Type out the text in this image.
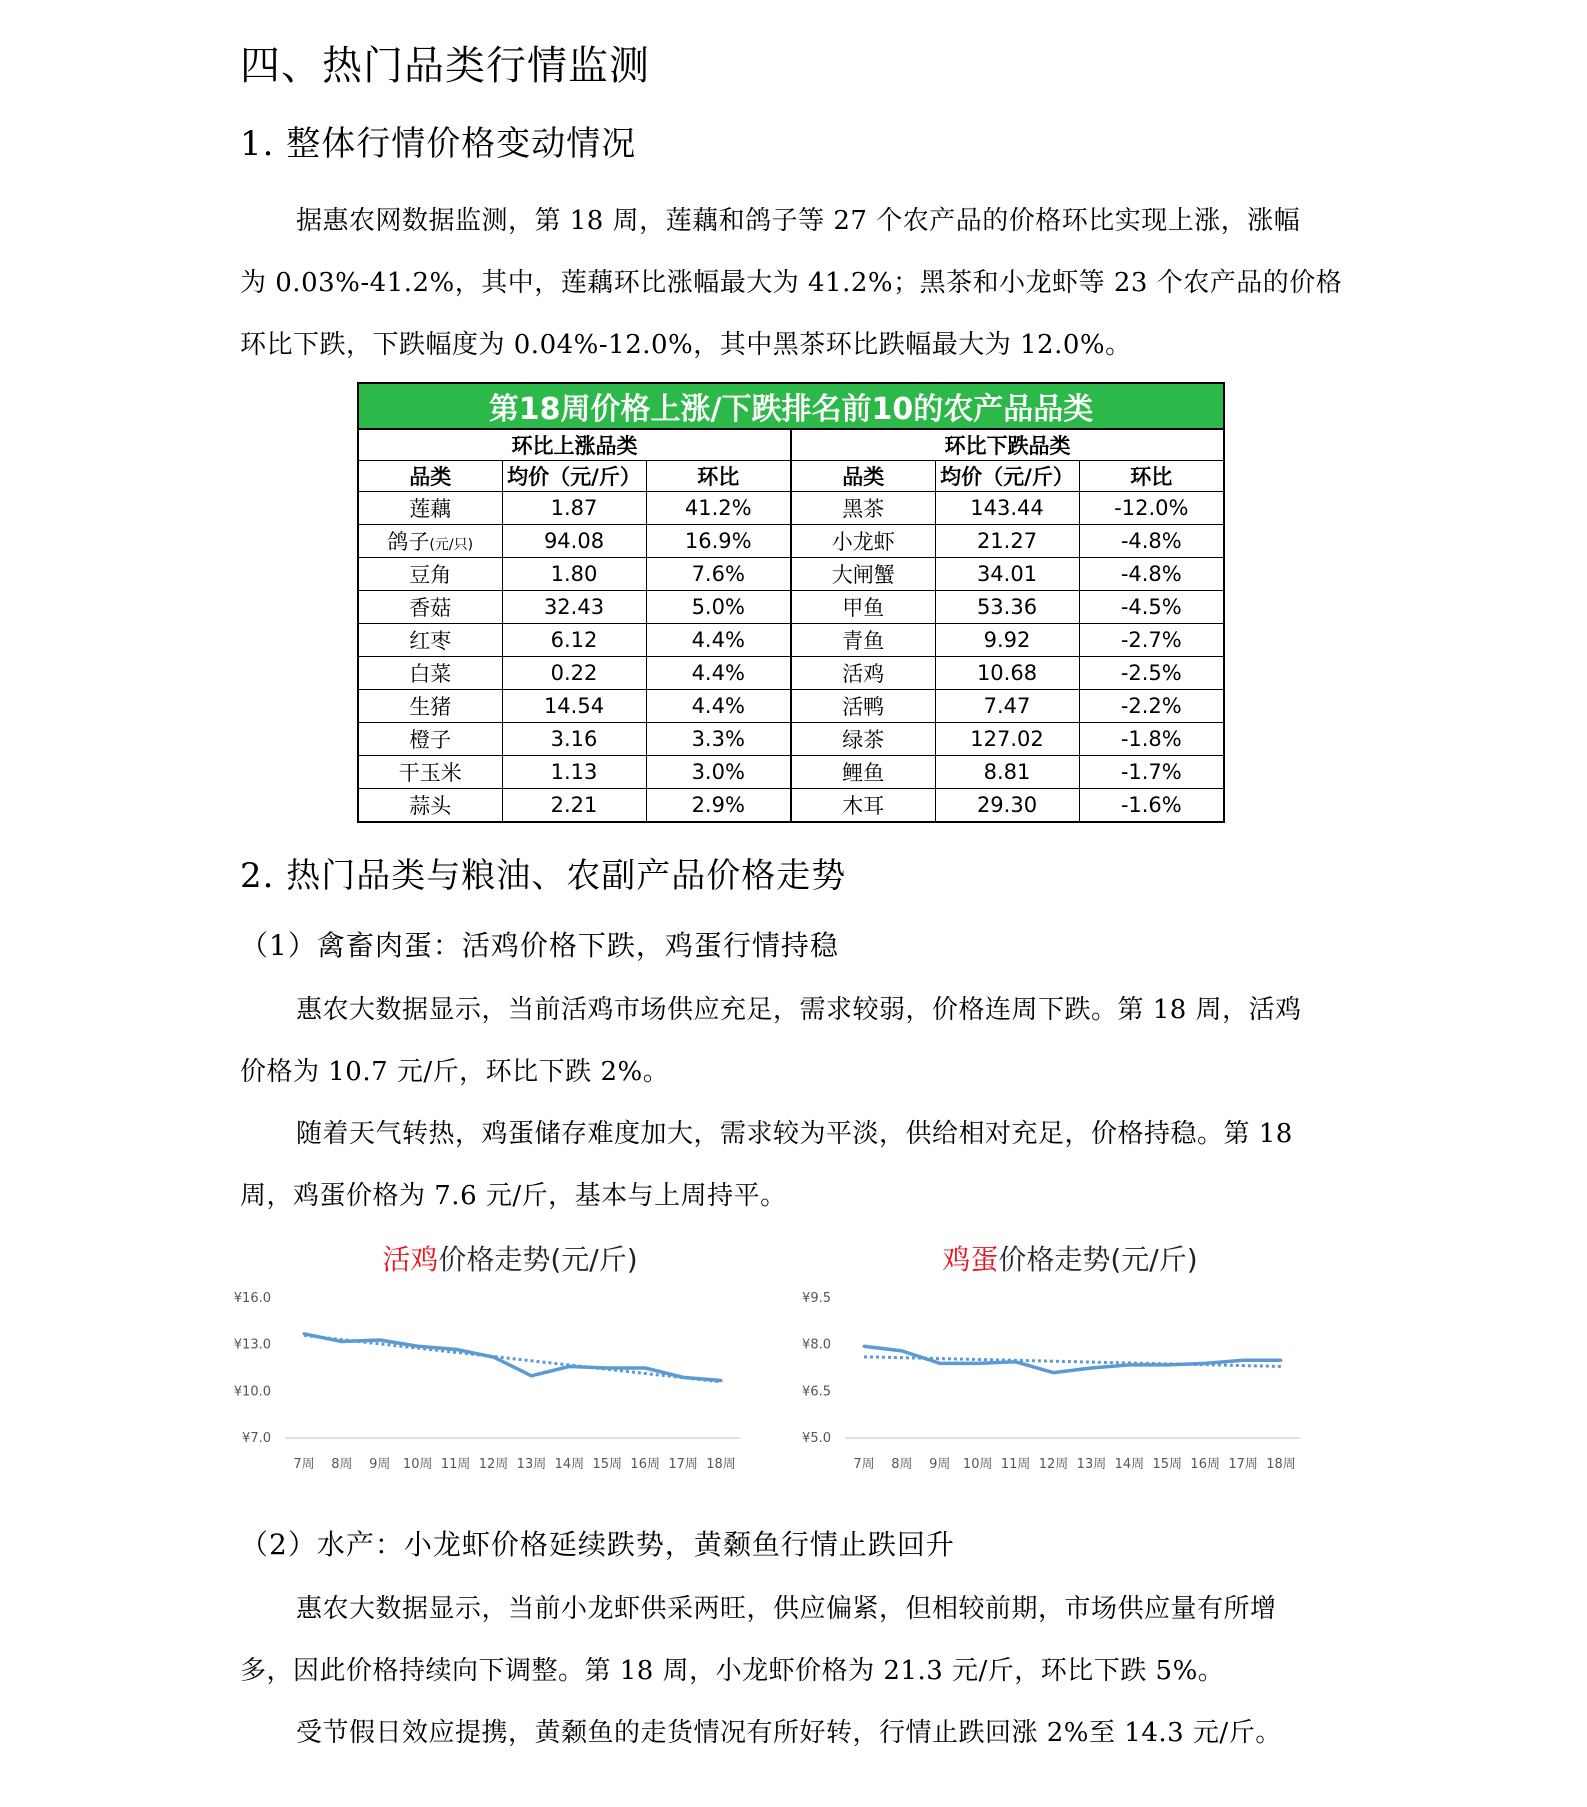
四、热门品类行情监测
1. 整体行情价格变动情况
据惠农网数据监测，第 18 周，莲藕和鸽子等 27 个农产品的价格环比实现上涨，涨幅
为 0.03%-41.2%，其中，莲藕环比涨幅最大为 41.2%；黑茶和小龙虾等 23 个农产品的价格
环比下跌，下跌幅度为 0.04%-12.0%，其中黑茶环比跌幅最大为 12.0%。
第18周价格上涨/下跌排名前10的农产品品类					
环比上涨品类			环比下跌品类		
品类	均价（元/斤）	环比	品类	均价（元/斤）	环比
莲藕	1.87	41.2%	黑茶	143.44	-12.0%
鸽子(元/只)	94.08	16.9%	小龙虾	21.27	-4.8%
豆角	1.80	7.6%	大闸蟹	34.01	-4.8%
香菇	32.43	5.0%	甲鱼	53.36	-4.5%
红枣	6.12	4.4%	青鱼	9.92	-2.7%
白菜	0.22	4.4%	活鸡	10.68	-2.5%
生猪	14.54	4.4%	活鸭	7.47	-2.2%
橙子	3.16	3.3%	绿茶	127.02	-1.8%
干玉米	1.13	3.0%	鲤鱼	8.81	-1.7%
蒜头	2.21	2.9%	木耳	29.30	-1.6%
2. 热门品类与粮油、农副产品价格走势
（1）禽畜肉蛋：活鸡价格下跌，鸡蛋行情持稳
惠农大数据显示，当前活鸡市场供应充足，需求较弱，价格连周下跌。第 18 周，活鸡
价格为 10.7 元/斤，环比下跌 2%。
随着天气转热，鸡蛋储存难度加大，需求较为平淡，供给相对充足，价格持稳。第 18
周，鸡蛋价格为 7.6 元/斤，基本与上周持平。
活鸡价格走势(元/斤)
¥16.0
¥13.0
¥10.0
¥7.0
7周 8周 9周 10周 11周 12周 13周 14周 15周 16周 17周 18周
鸡蛋价格走势(元/斤)
¥9.5
¥8.0
¥6.5
¥5.0
7周 8周 9周 10周 11周 12周 13周 14周 15周 16周 17周 18周
（2）水产：小龙虾价格延续跌势，黄颡鱼行情止跌回升
惠农大数据显示，当前小龙虾供采两旺，供应偏紧，但相较前期，市场供应量有所增
多，因此价格持续向下调整。第 18 周，小龙虾价格为 21.3 元/斤，环比下跌 5%。
受节假日效应提携，黄颡鱼的走货情况有所好转，行情止跌回涨 2%至 14.3 元/斤。
